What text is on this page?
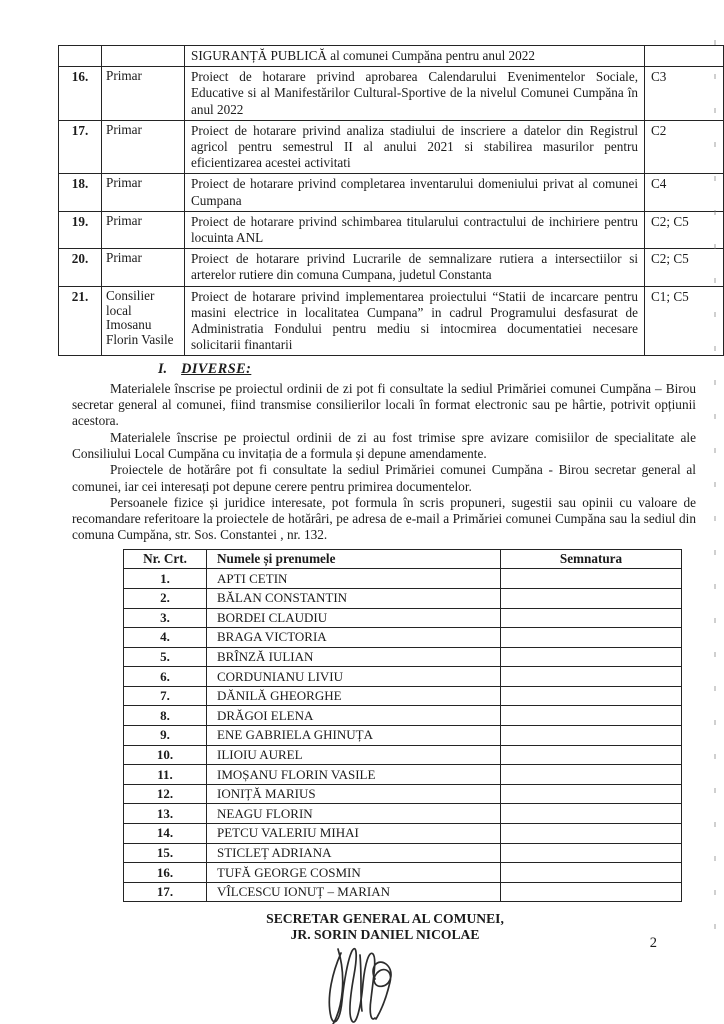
		SIGURANȚĂ PUBLICĂ al comunei Cumpăna pentru anul 2022	
16.	Primar	Proiect de hotarare privind aprobarea Calendarului Evenimentelor Sociale, Educative si al Manifestărilor Cultural-Sportive de la nivelul Comunei Cumpăna în anul 2022	C3
17.	Primar	Proiect de hotarare privind analiza stadiului de inscriere a datelor din Registrul agricol pentru semestrul II al anului 2021 si stabilirea masurilor pentru eficientizarea acestei activitati	C2
18.	Primar	Proiect de hotarare privind completarea inventarului domeniului privat al comunei Cumpana	C4
19.	Primar	Proiect de hotarare privind schimbarea titularului contractului de inchiriere pentru locuinta ANL	C2; C5
20.	Primar	Proiect de hotarare privind Lucrarile de semnalizare rutiera a intersectiilor si arterelor rutiere din comuna Cumpana, judetul Constanta	C2; C5
21.	Consilier local Imosanu Florin Vasile	Proiect de hotarare privind implementarea proiectului “Statii de incarcare pentru masini electrice in localitatea Cumpana” in cadrul Programului desfasurat de Administratia Fondului pentru mediu si intocmirea documentatiei necesare solicitarii finantarii	C1; C5
I. DIVERSE:

Materialele înscrise pe proiectul ordinii de zi pot fi consultate la sediul Primăriei comunei Cumpăna – Birou secretar general al comunei, fiind transmise consilierilor locali în format electronic sau pe hârtie, potrivit opțiunii acestora.

Materialele înscrise pe proiectul ordinii de zi au fost trimise spre avizare comisiilor de specialitate ale Consiliului Local Cumpăna cu invitația de a formula și depune amendamente.

Proiectele de hotărâre pot fi consultate la sediul Primăriei comunei Cumpăna - Birou secretar general al comunei, iar cei interesați pot depune cerere pentru primirea documentelor.

Persoanele fizice și juridice interesate, pot formula în scris propuneri, sugestii sau opinii cu valoare de recomandare referitoare la proiectele de hotărâri, pe adresa de e-mail a Primăriei comunei Cumpăna sau la sediul din comuna Cumpăna, str. Sos. Constantei , nr. 132.

Nr. Crt.	Numele și prenumele	Semnatura
1.	APTI CETIN	
2.	BĂLAN CONSTANTIN	
3.	BORDEI CLAUDIU	
4.	BRAGA VICTORIA	
5.	BRÎNZĂ IULIAN	
6.	CORDUNIANU LIVIU	
7.	DĂNILĂ GHEORGHE	
8.	DRĂGOI ELENA	
9.	ENE GABRIELA GHINUȚA	
10.	ILIOIU AUREL	
11.	IMOȘANU FLORIN VASILE	
12.	IONIȚĂ MARIUS	
13.	NEAGU FLORIN	
14.	PETCU VALERIU MIHAI	
15.	STICLEȚ ADRIANA	
16.	TUFĂ GEORGE COSMIN	
17.	VÎLCESCU IONUȚ – MARIAN	
SECRETAR GENERAL AL COMUNEI,
JR. SORIN DANIEL NICOLAE
2
